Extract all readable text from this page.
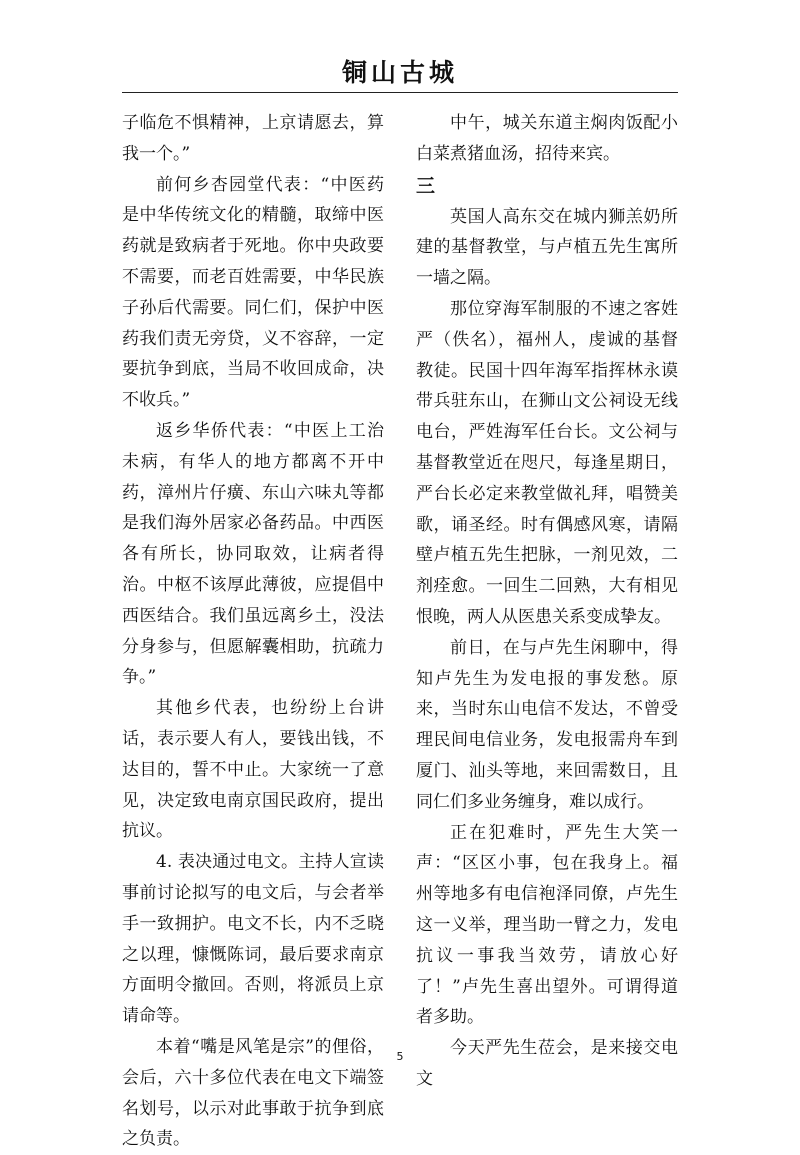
铜山古城

子临危不惧精神，上京请愿去，算我一个。”

前何乡杏园堂代表：“中医药是中华传统文化的精髓，取缔中医药就是致病者于死地。你中央政要不需要，而老百姓需要，中华民族子孙后代需要。同仁们，保护中医药我们责无旁贷，义不容辞，一定要抗争到底，当局不收回成命，决不收兵。”

返乡华侨代表：“中医上工治未病，有华人的地方都离不开中药，漳州片仔癀、东山六味丸等都是我们海外居家必备药品。中西医各有所长，协同取效，让病者得治。中枢不该厚此薄彼，应提倡中西医结合。我们虽远离乡土，没法分身参与，但愿解囊相助，抗疏力争。”

其他乡代表，也纷纷上台讲话，表示要人有人，要钱出钱，不达目的，誓不中止。大家统一了意见，决定致电南京国民政府，提出抗议。

4. 表决通过电文。主持人宣读事前讨论拟写的电文后，与会者举手一致拥护。电文不长，内不乏晓之以理，慷慨陈词，最后要求南京方面明令撤回。否则，将派员上京请命等。

本着“嘴是风笔是宗”的俚俗，会后，六十多位代表在电文下端签名划号，以示对此事敢于抗争到底之负责。

中午，城关东道主焖肉饭配小白菜煮猪血汤，招待来宾。

三

英国人高东交在城内狮羔奶所建的基督教堂，与卢植五先生寓所一墙之隔。

那位穿海军制服的不速之客姓严（佚名），福州人，虔诚的基督教徒。民国十四年海军指挥林永谟带兵驻东山，在狮山文公祠设无线电台，严姓海军任台长。文公祠与基督教堂近在咫尺，每逢星期日，严台长必定来教堂做礼拜，唱赞美歌，诵圣经。时有偶感风寒，请隔壁卢植五先生把脉，一剂见效，二剂痊愈。一回生二回熟，大有相见恨晚，两人从医患关系变成挚友。

前日，在与卢先生闲聊中，得知卢先生为发电报的事发愁。原来，当时东山电信不发达，不曾受理民间电信业务，发电报需舟车到厦门、汕头等地，来回需数日，且同仁们多业务缠身，难以成行。

正在犯难时，严先生大笑一声：“区区小事，包在我身上。福州等地多有电信袍泽同僚，卢先生这一义举，理当助一臂之力，发电抗议一事我当效劳，请放心好了！”卢先生喜出望外。可谓得道者多助。

今天严先生莅会，是来接交电文

5
